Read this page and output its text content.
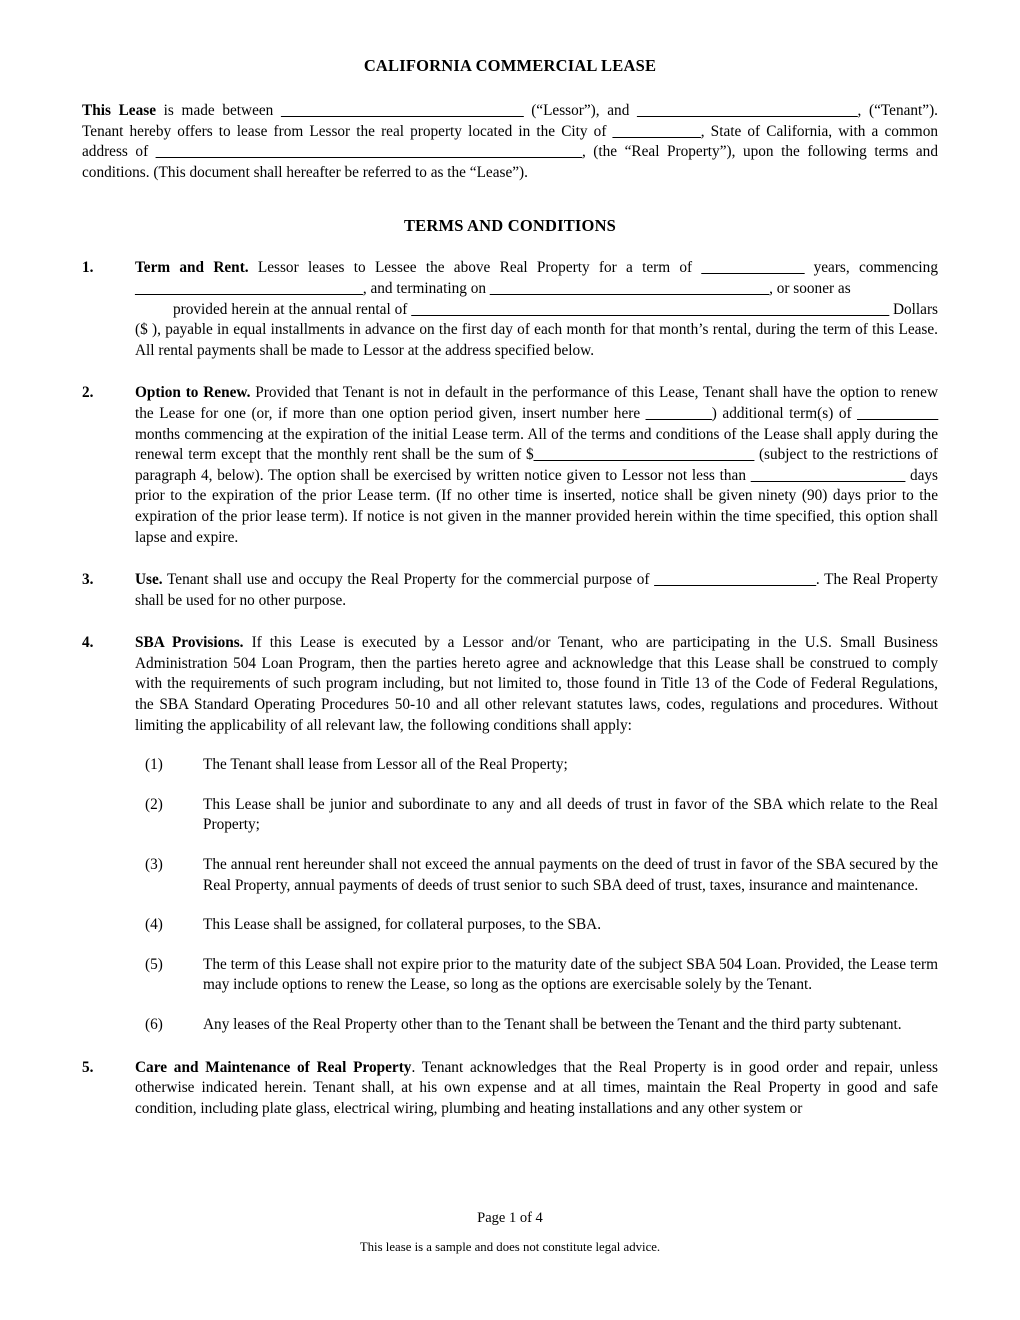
CALIFORNIA COMMERCIAL LEASE
This Lease is made between _________________________________ (“Lessor”), and ______________________________, (“Tenant”). Tenant hereby offers to lease from Lessor the real property located in the City of ____________, State of California, with a common address of __________________________________________________________, (the “Real Property”), upon the following terms and conditions. (This document shall hereafter be referred to as the “Lease”).
TERMS AND CONDITIONS
1.	Term and Rent. Lessor leases to Lessee the above Real Property for a term of ______________ years, commencing _______________________________, and terminating on ______________________________________, or sooner as
provided herein at the annual rental of _________________________________________________________________ Dollars ($ ), payable in equal installments in advance on the first day of each month for that month’s rental, during the term of this Lease. All rental payments shall be made to Lessor at the address specified below.
2.	Option to Renew. Provided that Tenant is not in default in the performance of this Lease, Tenant shall have the option to renew the Lease for one (or, if more than one option period given, insert number here _________) additional term(s) of ___________ months commencing at the expiration of the initial Lease term. All of the terms and conditions of the Lease shall apply during the renewal term except that the monthly rent shall be the sum of $______________________________ (subject to the restrictions of paragraph 4, below). The option shall be exercised by written notice given to Lessor not less than _____________________ days prior to the expiration of the prior Lease term. (If no other time is inserted, notice shall be given ninety (90) days prior to the expiration of the prior lease term). If notice is not given in the manner provided herein within the time specified, this option shall lapse and expire.
3.	Use. Tenant shall use and occupy the Real Property for the commercial purpose of ______________________. The Real Property shall be used for no other purpose.
4.	SBA Provisions. If this Lease is executed by a Lessor and/or Tenant, who are participating in the U.S. Small Business Administration 504 Loan Program, then the parties hereto agree and acknowledge that this Lease shall be construed to comply with the requirements of such program including, but not limited to, those found in Title 13 of the Code of Federal Regulations, the SBA Standard Operating Procedures 50-10 and all other relevant statutes laws, codes, regulations and procedures. Without limiting the applicability of all relevant law, the following conditions shall apply:
(1)	The Tenant shall lease from Lessor all of the Real Property;
(2)	This Lease shall be junior and subordinate to any and all deeds of trust in favor of the SBA which relate to the Real Property;
(3)	The annual rent hereunder shall not exceed the annual payments on the deed of trust in favor of the SBA secured by the Real Property, annual payments of deeds of trust senior to such SBA deed of trust, taxes, insurance and maintenance.
(4)	This Lease shall be assigned, for collateral purposes, to the SBA.
(5)	The term of this Lease shall not expire prior to the maturity date of the subject SBA 504 Loan. Provided, the Lease term may include options to renew the Lease, so long as the options are exercisable solely by the Tenant.
(6)	Any leases of the Real Property other than to the Tenant shall be between the Tenant and the third party subtenant.
5.	Care and Maintenance of Real Property. Tenant acknowledges that the Real Property is in good order and repair, unless otherwise indicated herein. Tenant shall, at his own expense and at all times, maintain the Real Property in good and safe condition, including plate glass, electrical wiring, plumbing and heating installations and any other system or
Page 1 of 4
This lease is a sample and does not constitute legal advice.
